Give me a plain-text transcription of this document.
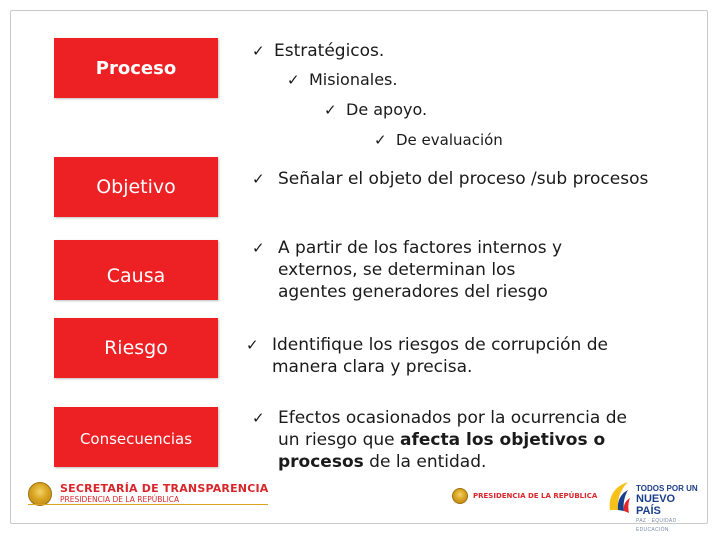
Proceso
Objetivo
Causa
Riesgo
Consecuencias
✓ Estratégicos.
✓ Misionales.
✓ De apoyo.
✓ De evaluación
✓ Señalar el objeto del proceso /sub procesos
✓ A partir de los factores internos y
externos, se determinan los
agentes generadores del riesgo
✓ Identifique los riesgos de corrupción de
manera clara y precisa.
✓ Efectos ocasionados por la ocurrencia de
un riesgo que afecta los objetivos o
procesos de la entidad.
SECRETARÍA DE TRANSPARENCIA
PRESIDENCIA DE LA REPÚBLICA	PRESIDENCIA DE LA REPÚBLICA
TODOS POR UN
NUEVO PAÍS
PAZ · EQUIDAD · EDUCACIÓN
